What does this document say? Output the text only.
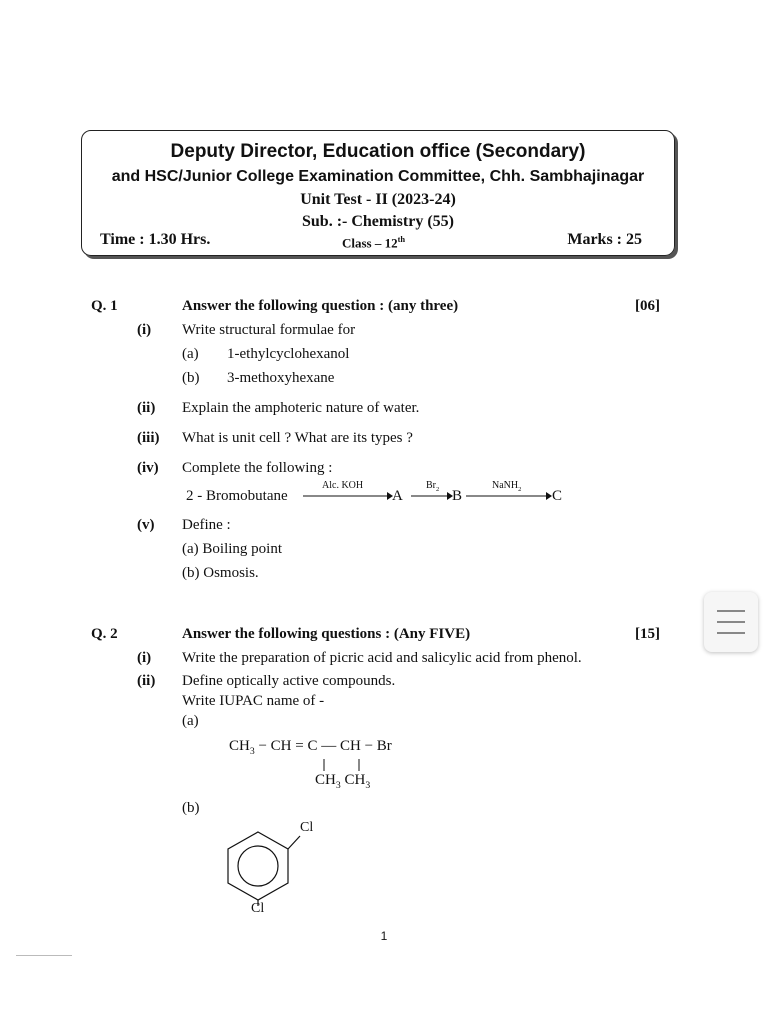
Deputy Director, Education office (Secondary)
and HSC/Junior College Examination Committee, Chh. Sambhajinagar
Unit Test - II (2023-24)
Sub. :- Chemistry (55)
Time : 1.30 Hrs.	Class – 12th	Marks : 25
Q. 1	Answer the following question : (any three)	[06]
(i) Write structural formulae for
(a) 1-ethylcyclohexanol
(b) 3-methoxyhexane
(ii) Explain the amphoteric nature of water.
(iii) What is unit cell ? What are its types ?
(iv) Complete the following :
2 - Bromobutane
Alc. KOH
A
$Br_2$ B
NaNH$_2$ C
(v) Define :
(a) Boiling point
(b) Osmosis.
Q. 2	Answer the following questions : (Any FIVE)	[15]
(i) Write the preparation of picric acid and salicylic acid from phenol.
(ii) Define optically active compounds.
Write IUPAC name of -
(a)
$CH_3$ − CH = C — CH − Br
$CH_3$ $CH_3$
(b)
Cl
Cl
1
